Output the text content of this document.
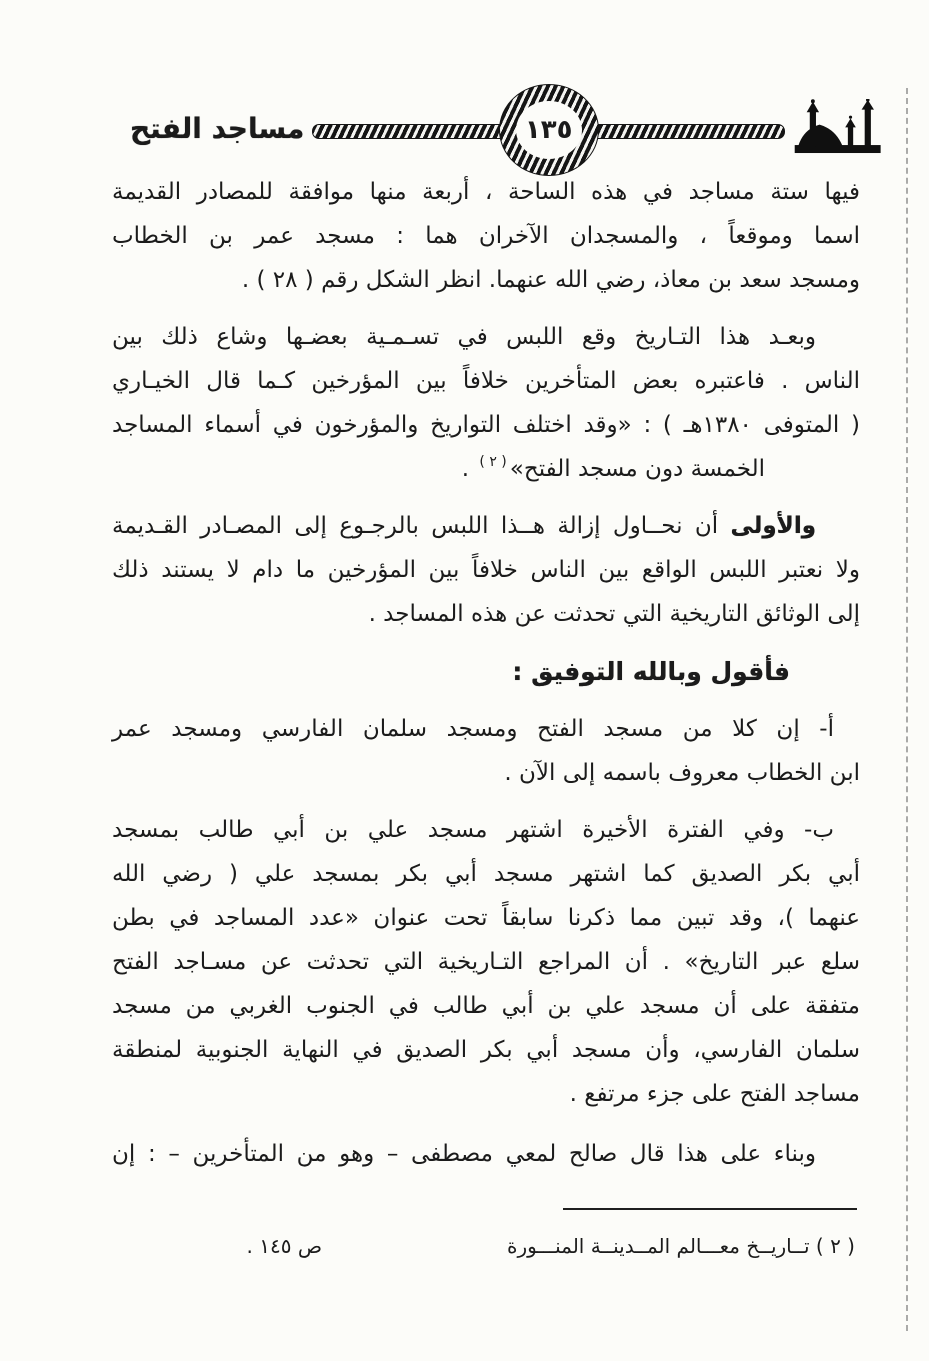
مساجد الفتح	١٣٥
فيها ستة مساجد في هذه الساحة ، أربعة منها موافقة للمصادر القديمة
اسما وموقعاً ، والمسجدان الآخران هما : مسجد عمر بن الخطاب
ومسجد سعد بن معاذ، رضي الله عنهما. انظر الشكل رقم ( ٢٨ ) .
وبعـد هذا التـاريخ وقع اللبس في تسـمـية بعضـها وشاع ذلك بين
الناس . فاعتبره بعض المتأخرين خلافاً بين المؤرخين كـما قال الخيـاري
( المتوفى ١٣٨٠هـ ) : «وقد اختلف التواريخ والمؤرخون في أسماء المساجد
الخمسة دون مسجد الفتح»$^{( ٢ )}$ .
والأولى أن نحــاول إزالة هــذا اللبس بالرجـوع إلى المصـادر القـديمة
ولا نعتبر اللبس الواقع بين الناس خلافاً بين المؤرخين ما دام لا يستند ذلك
إلى الوثائق التاريخية التي تحدثت عن هذه المساجد .
فأقول وبالله التوفيق :
أ- إن كلا من مسجد الفتح ومسجد سلمان الفارسي ومسجد عمر
ابن الخطاب معروف باسمه إلى الآن .
ب- وفي الفترة الأخيرة اشتهر مسجد علي بن أبي طالب بمسجد
أبي بكر الصديق كما اشتهر مسجد أبي بكر بمسجد علي ( رضي الله
عنهما )، وقد تبين مما ذكرنا سابقاً تحت عنوان «عدد المساجد في بطن
سلع عبر التاريخ» . أن المراجع التـاريخية التي تحدثت عن مسـاجد الفتح
متفقة على أن مسجد علي بن أبي طالب في الجنوب الغربي من مسجد
سلمان الفارسي، وأن مسجد أبي بكر الصديق في النهاية الجنوبية لمنطقة
مساجد الفتح على جزء مرتفع .
وبناء على هذا قال صالح لمعي مصطفى – وهو من المتأخرين – : إن
( ٢ ) تــاريــخ معـــالم المــدينــة المنـــورة
ص ١٤٥ .
